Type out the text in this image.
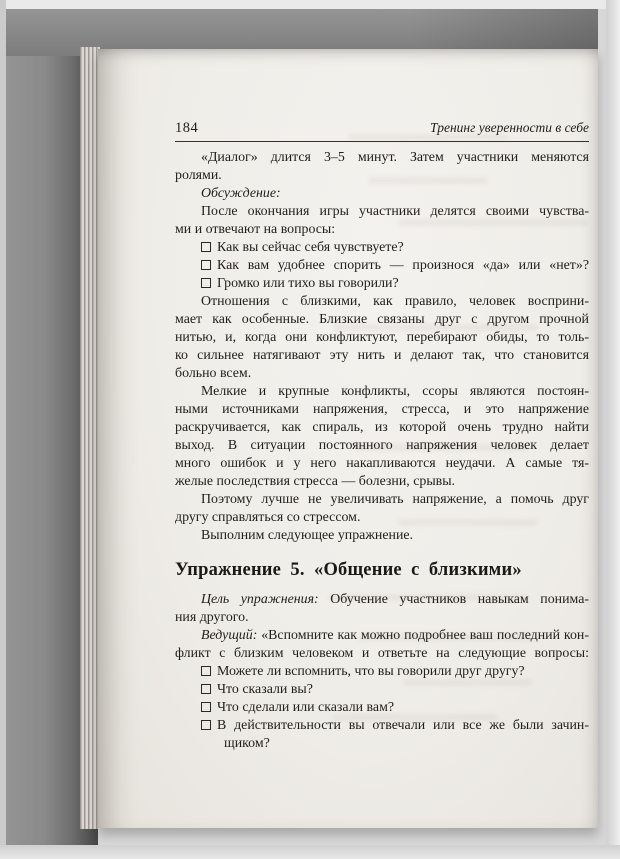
184	Тренинг уверенности в себе
«Диалог» длится 3–5 минут. Затем участники меняются
ролями.
Обсуждение:
После окончания игры участники делятся своими чувства-
ми и отвечают на вопросы:
Как вы сейчас себя чувствуете?
Как вам удобнее спорить — произнося «да» или «нет»?
Громко или тихо вы говорили?
Отношения с близкими, как правило, человек восприни-
мает как особенные. Близкие связаны друг с другом прочной
нитью, и, когда они конфликтуют, перебирают обиды, то толь-
ко сильнее натягивают эту нить и делают так, что становится
больно всем.
Мелкие и крупные конфликты, ссоры являются постоян-
ными источниками напряжения, стресса, и это напряжение
раскручивается, как спираль, из которой очень трудно найти
выход. В ситуации постоянного напряжения человек делает
много ошибок и у него накапливаются неудачи. А самые тя-
желые последствия стресса — болезни, срывы.
Поэтому лучше не увеличивать напряжение, а помочь друг
другу справляться со стрессом.
Выполним следующее упражнение.
Упражнение 5. «Общение с близкими»
Цель упражнения: Обучение участников навыкам понима-
ния другого.
Ведущий: «Вспомните как можно подробнее ваш последний кон-
фликт с близким человеком и ответьте на следующие вопросы:
Можете ли вспомнить, что вы говорили друг другу?
Что сказали вы?
Что сделали или сказали вам?
В действительности вы отвечали или все же были зачин-
щиком?
